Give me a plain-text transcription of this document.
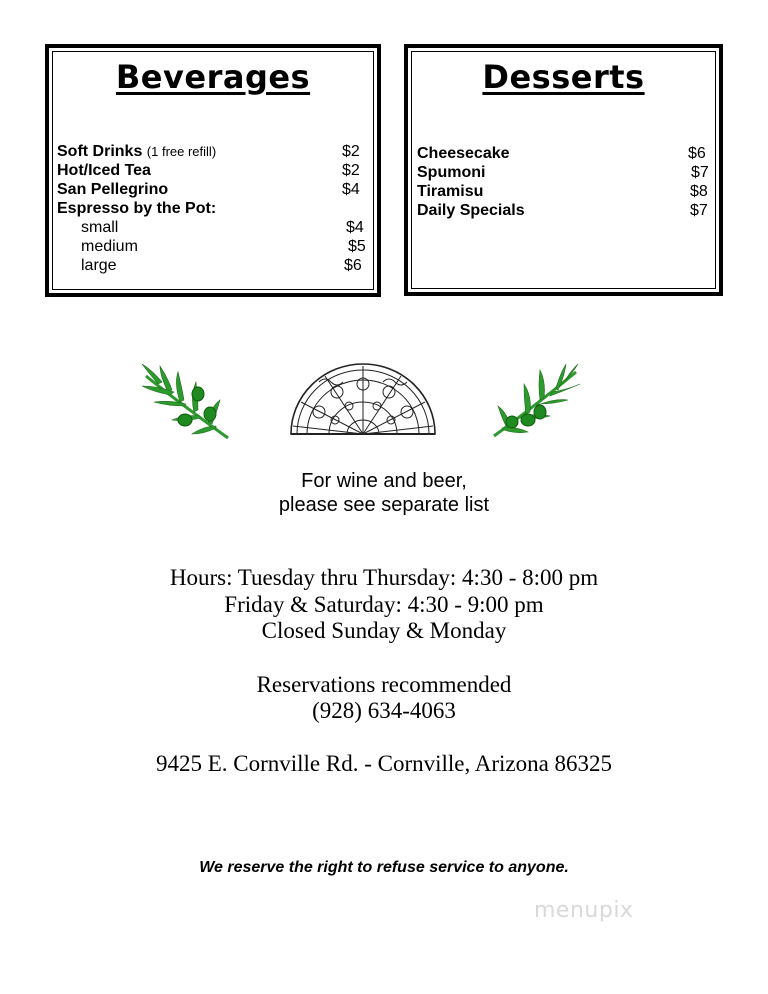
Beverages
Soft Drinks (1 free refill)	$2
Hot/Iced Tea	$2
San Pellegrino	$4
Espresso by the Pot:
small	$4
medium	$5
large	$6
Desserts
Cheesecake	$6
Spumoni	$7
Tiramisu	$8
Daily Specials	$7
For wine and beer,
please see separate list
Hours: Tuesday thru Thursday: 4:30 - 8:00 pm
Friday & Saturday: 4:30 - 9:00 pm
Closed Sunday & Monday
Reservations recommended
(928) 634-4063
9425 E. Cornville Rd. - Cornville, Arizona 86325
We reserve the right to refuse service to anyone.
menupix
